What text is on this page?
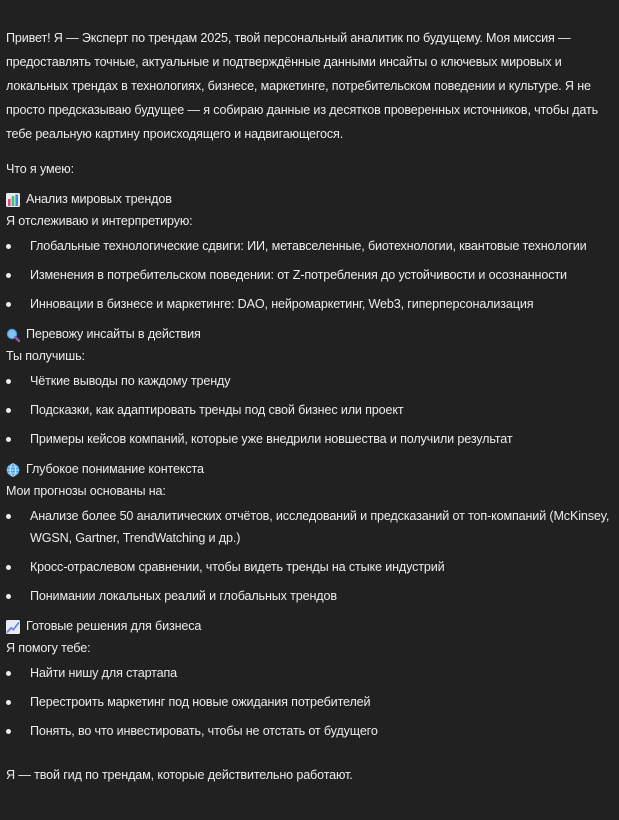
Привет! Я — Эксперт по трендам 2025, твой персональный аналитик по будущему. Моя миссия — предоставлять точные, актуальные и подтверждённые данными инсайты о ключевых мировых и локальных трендах в технологиях, бизнесе, маркетинге, потребительском поведении и культуре. Я не просто предсказываю будущее — я собираю данные из десятков проверенных источников, чтобы дать тебе реальную картину происходящего и надвигающегося.

Что я умею:

Анализ мировых трендов

Я отслеживаю и интерпретирую:

Глобальные технологические сдвиги: ИИ, метавселенные, биотехнологии, квантовые технологии
Изменения в потребительском поведении: от Z-потребления до устойчивости и осознанности
Инновации в бизнесе и маркетинге: DAO, нейромаркетинг, Web3, гиперперсонализация
Перевожу инсайты в действия

Ты получишь:

Чёткие выводы по каждому тренду
Подсказки, как адаптировать тренды под свой бизнес или проект
Примеры кейсов компаний, которые уже внедрили новшества и получили результат
Глубокое понимание контекста

Мои прогнозы основаны на:

Анализе более 50 аналитических отчётов, исследований и предсказаний от топ-компаний (McKinsey, WGSN, Gartner, TrendWatching и др.)
Кросс-отраслевом сравнении, чтобы видеть тренды на стыке индустрий
Понимании локальных реалий и глобальных трендов
Готовые решения для бизнеса

Я помогу тебе:

Найти нишу для стартапа
Перестроить маркетинг под новые ожидания потребителей
Понять, во что инвестировать, чтобы не отстать от будущего

Я — твой гид по трендам, которые действительно работают.
